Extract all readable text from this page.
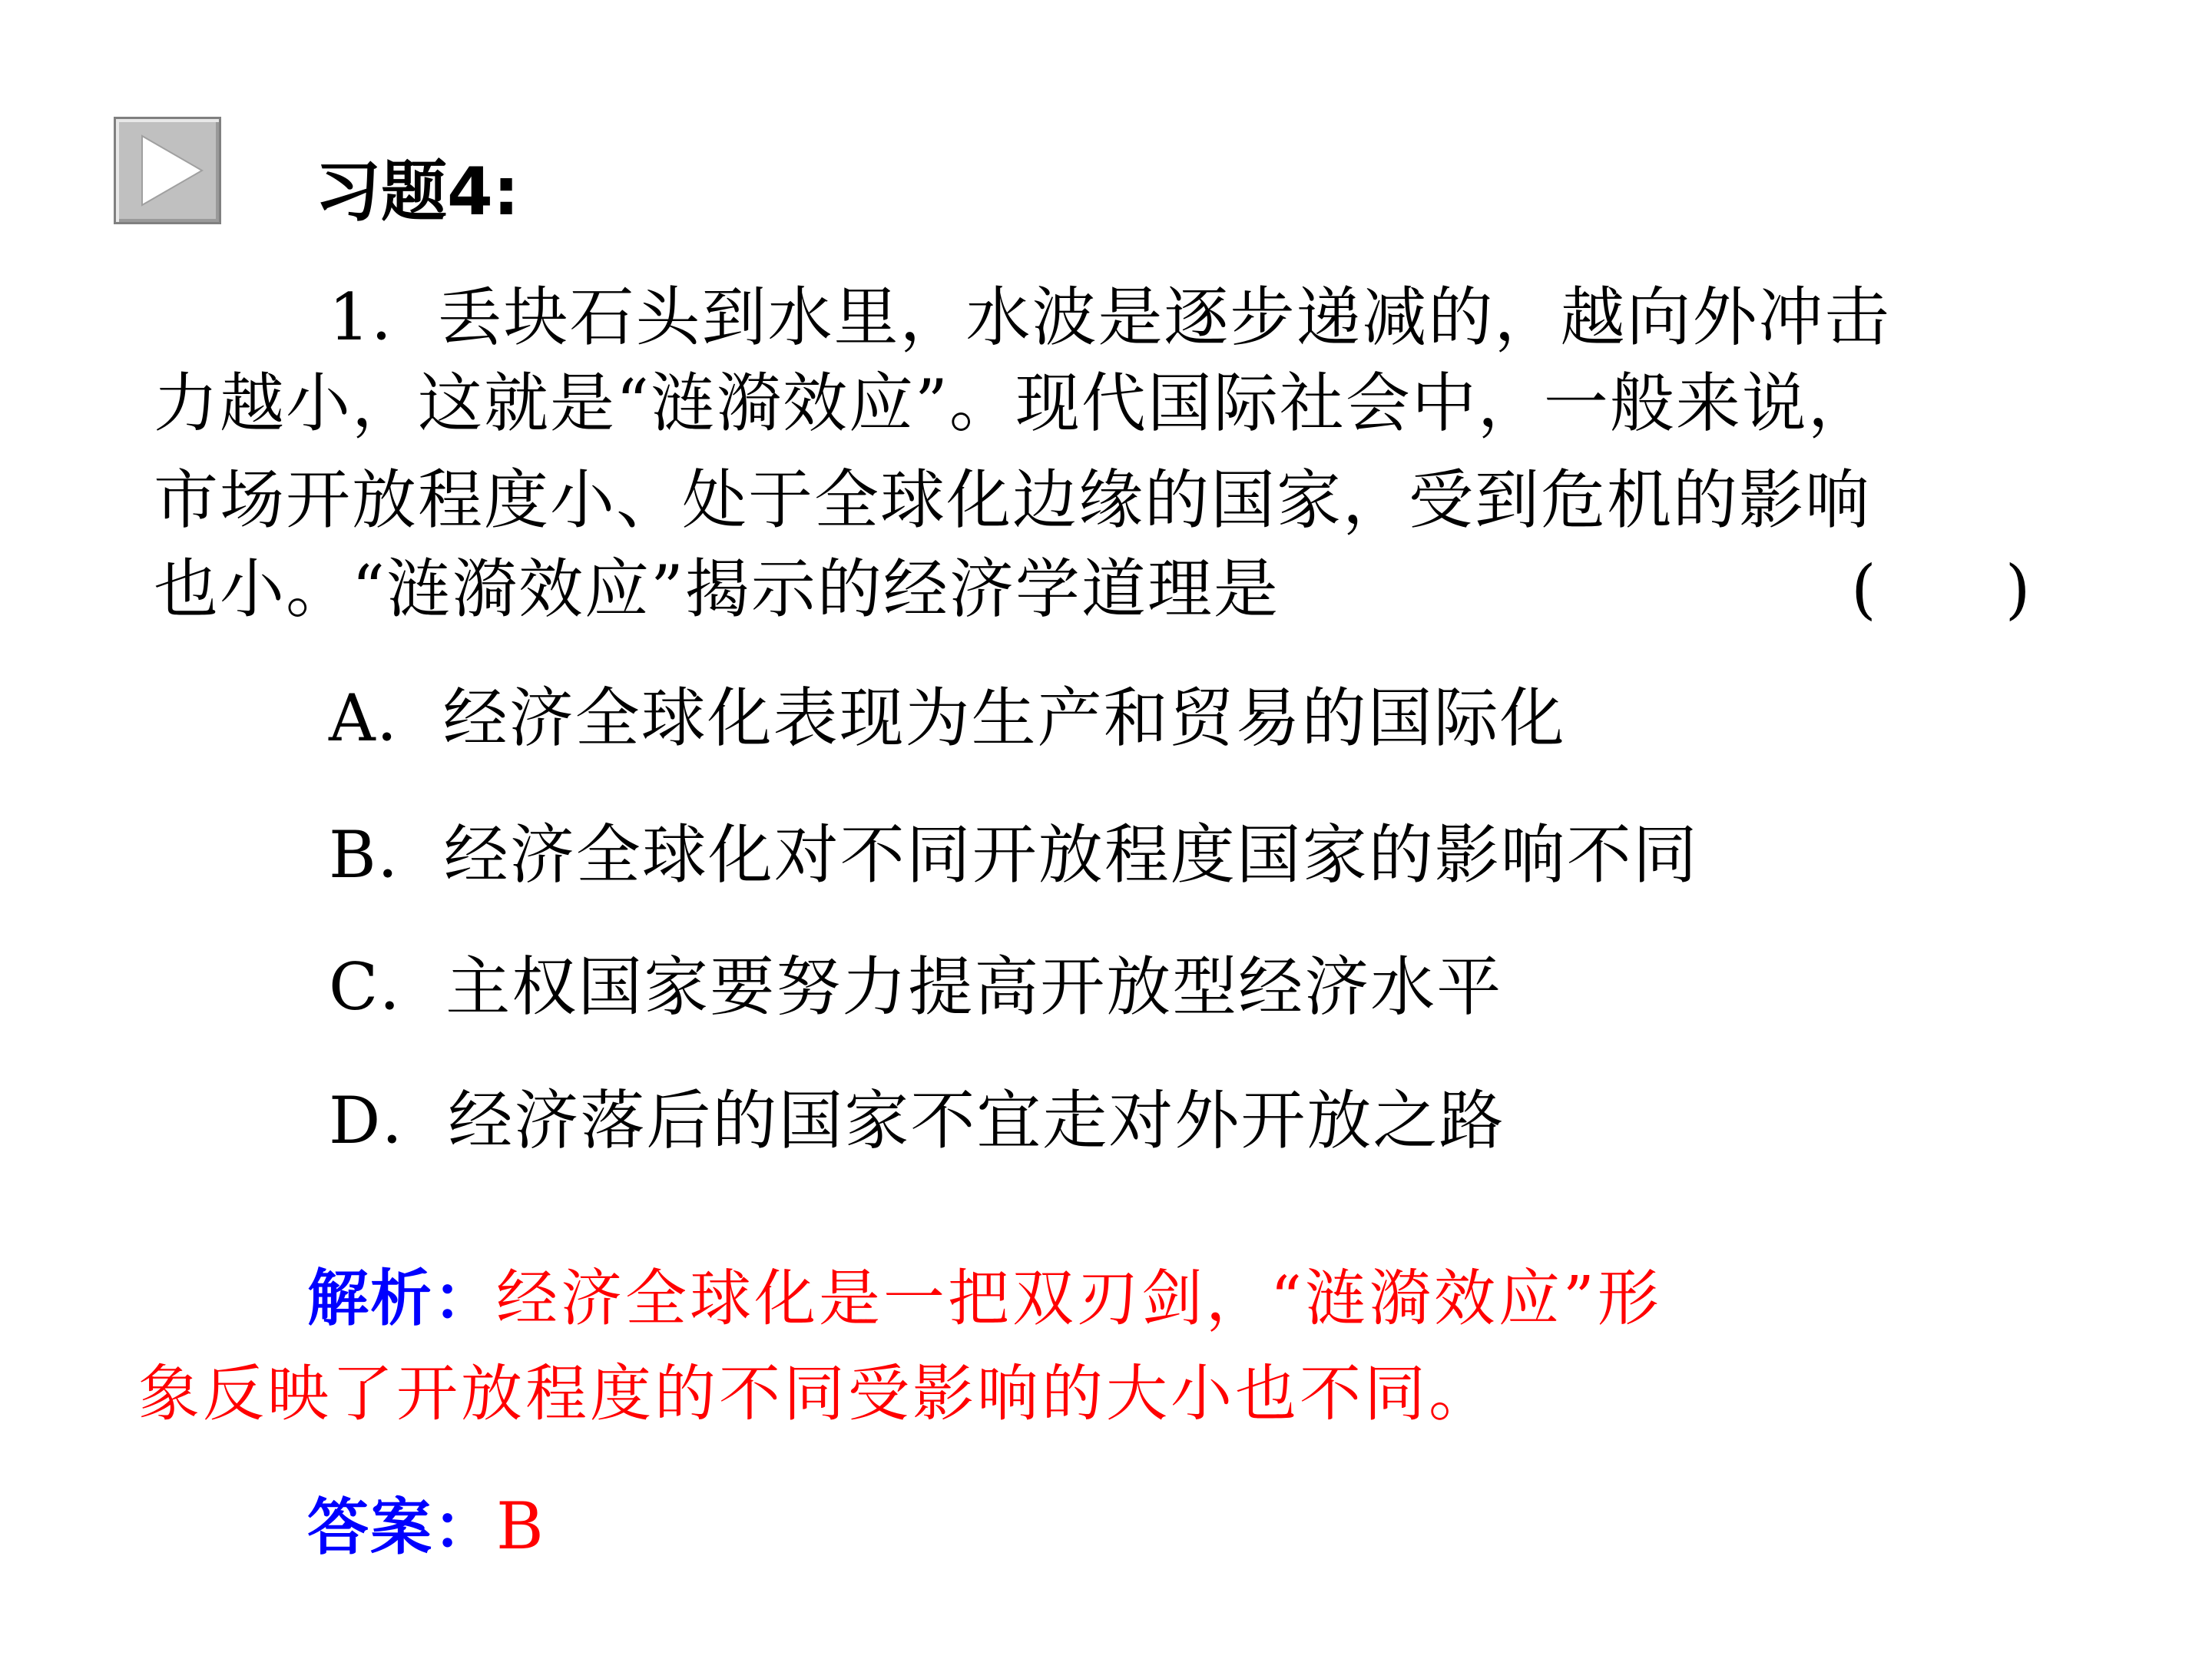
习题4:
1．丢块石头到水里，水波是逐步递减的，越向外冲击
力越小，这就是“涟漪效应”。现代国际社会中，一般来说，
市场开放程度小、处于全球化边缘的国家，受到危机的影响
也小。“涟漪效应”揭示的经济学道理是	(　　)
A．经济全球化表现为生产和贸易的国际化
B．经济全球化对不同开放程度国家的影响不同
C．主权国家要努力提高开放型经济水平
D．经济落后的国家不宜走对外开放之路
解析：经济全球化是一把双刃剑，“涟漪效应”形
象反映了开放程度的不同受影响的大小也不同。
答案：B
